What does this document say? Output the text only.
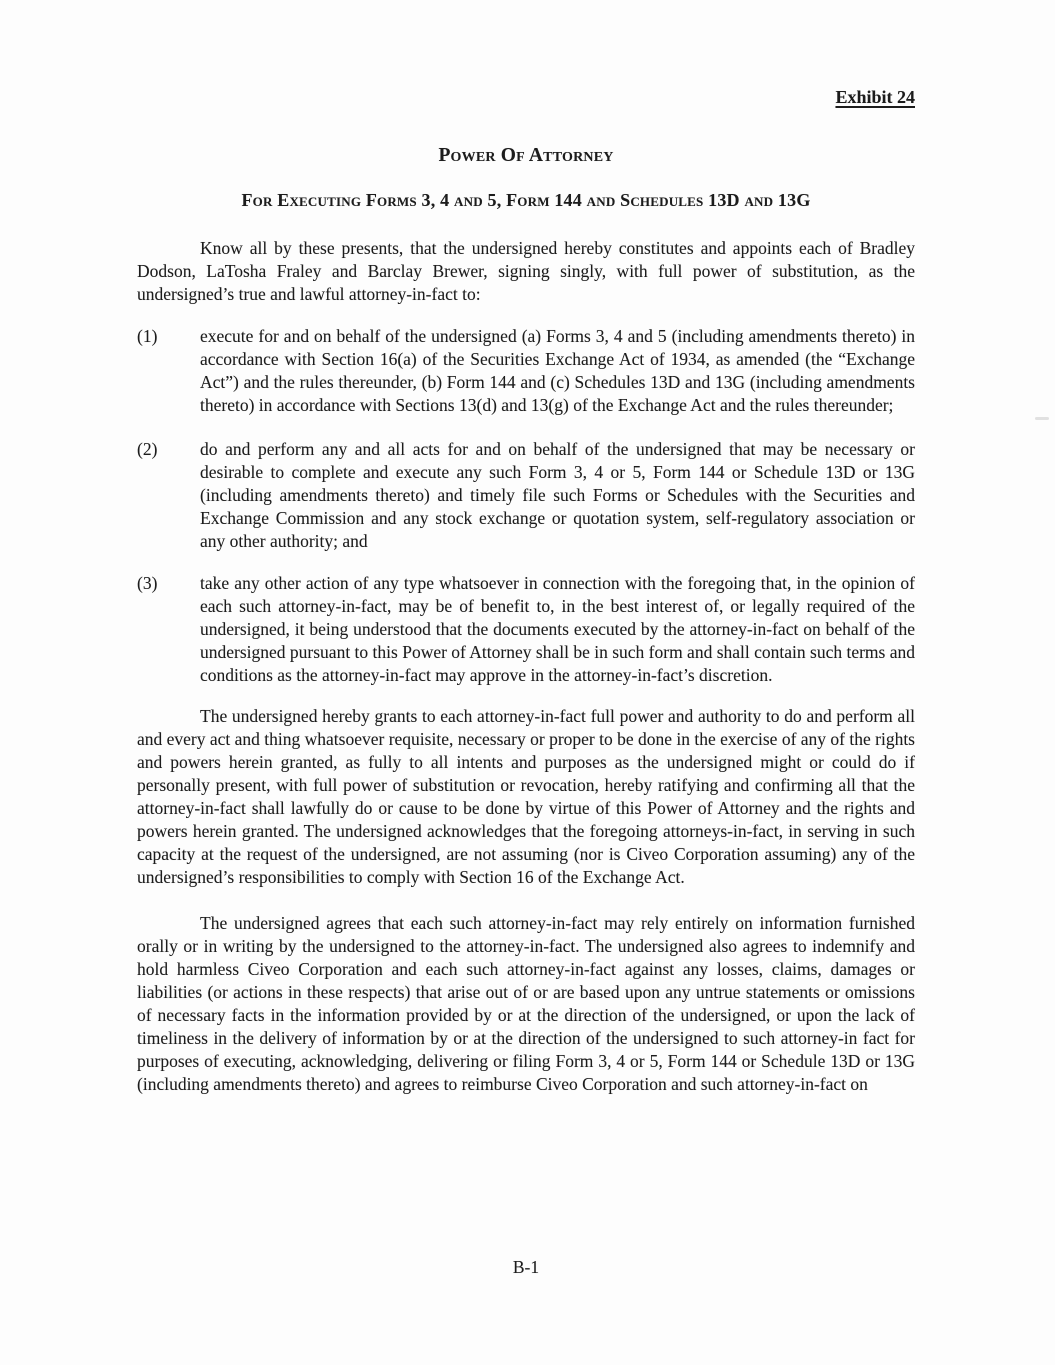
Exhibit 24
Power Of Attorney
For Executing Forms 3, 4 and 5, Form 144 and Schedules 13D and 13G

Know all by these presents, that the undersigned hereby constitutes and appoints each of Bradley Dodson, LaTosha Fraley and Barclay Brewer, signing singly, with full power of substitution, as the undersigned’s true and lawful attorney-in-fact to:

(1)	execute for and on behalf of the undersigned (a) Forms 3, 4 and 5 (including amendments thereto) in accordance with Section 16(a) of the Securities Exchange Act of 1934, as amended (the “Exchange Act”) and the rules thereunder, (b) Form 144 and (c) Schedules 13D and 13G (including amendments thereto) in accordance with Sections 13(d) and 13(g) of the Exchange Act and the rules thereunder;
(2)	do and perform any and all acts for and on behalf of the undersigned that may be necessary or desirable to complete and execute any such Form 3, 4 or 5, Form 144 or Schedule 13D or 13G (including amendments thereto) and timely file such Forms or Schedules with the Securities and Exchange Commission and any stock exchange or quotation system, self-regulatory association or any other authority; and
(3)	take any other action of any type whatsoever in connection with the foregoing that, in the opinion of each such attorney-in-fact, may be of benefit to, in the best interest of, or legally required of the undersigned, it being understood that the documents executed by the attorney-in-fact on behalf of the undersigned pursuant to this Power of Attorney shall be in such form and shall contain such terms and conditions as the attorney-in-fact may approve in the attorney-in-fact’s discretion.

The undersigned hereby grants to each attorney-in-fact full power and authority to do and perform all and every act and thing whatsoever requisite, necessary or proper to be done in the exercise of any of the rights and powers herein granted, as fully to all intents and purposes as the undersigned might or could do if personally present, with full power of substitution or revocation, hereby ratifying and confirming all that the attorney-in-fact shall lawfully do or cause to be done by virtue of this Power of Attorney and the rights and powers herein granted. The undersigned acknowledges that the foregoing attorneys-in-fact, in serving in such capacity at the request of the undersigned, are not assuming (nor is Civeo Corporation assuming) any of the undersigned’s responsibilities to comply with Section 16 of the Exchange Act.

The undersigned agrees that each such attorney-in-fact may rely entirely on information furnished orally or in writing by the undersigned to the attorney-in-fact. The undersigned also agrees to indemnify and hold harmless Civeo Corporation and each such attorney-in-fact against any losses, claims, damages or liabilities (or actions in these respects) that arise out of or are based upon any untrue statements or omissions of necessary facts in the information provided by or at the direction of the undersigned, or upon the lack of timeliness in the delivery of information by or at the direction of the undersigned to such attorney-in fact for purposes of executing, acknowledging, delivering or filing Form 3, 4 or 5, Form 144 or Schedule 13D or 13G (including amendments thereto) and agrees to reimburse Civeo Corporation and such attorney-in-fact on

B-1
